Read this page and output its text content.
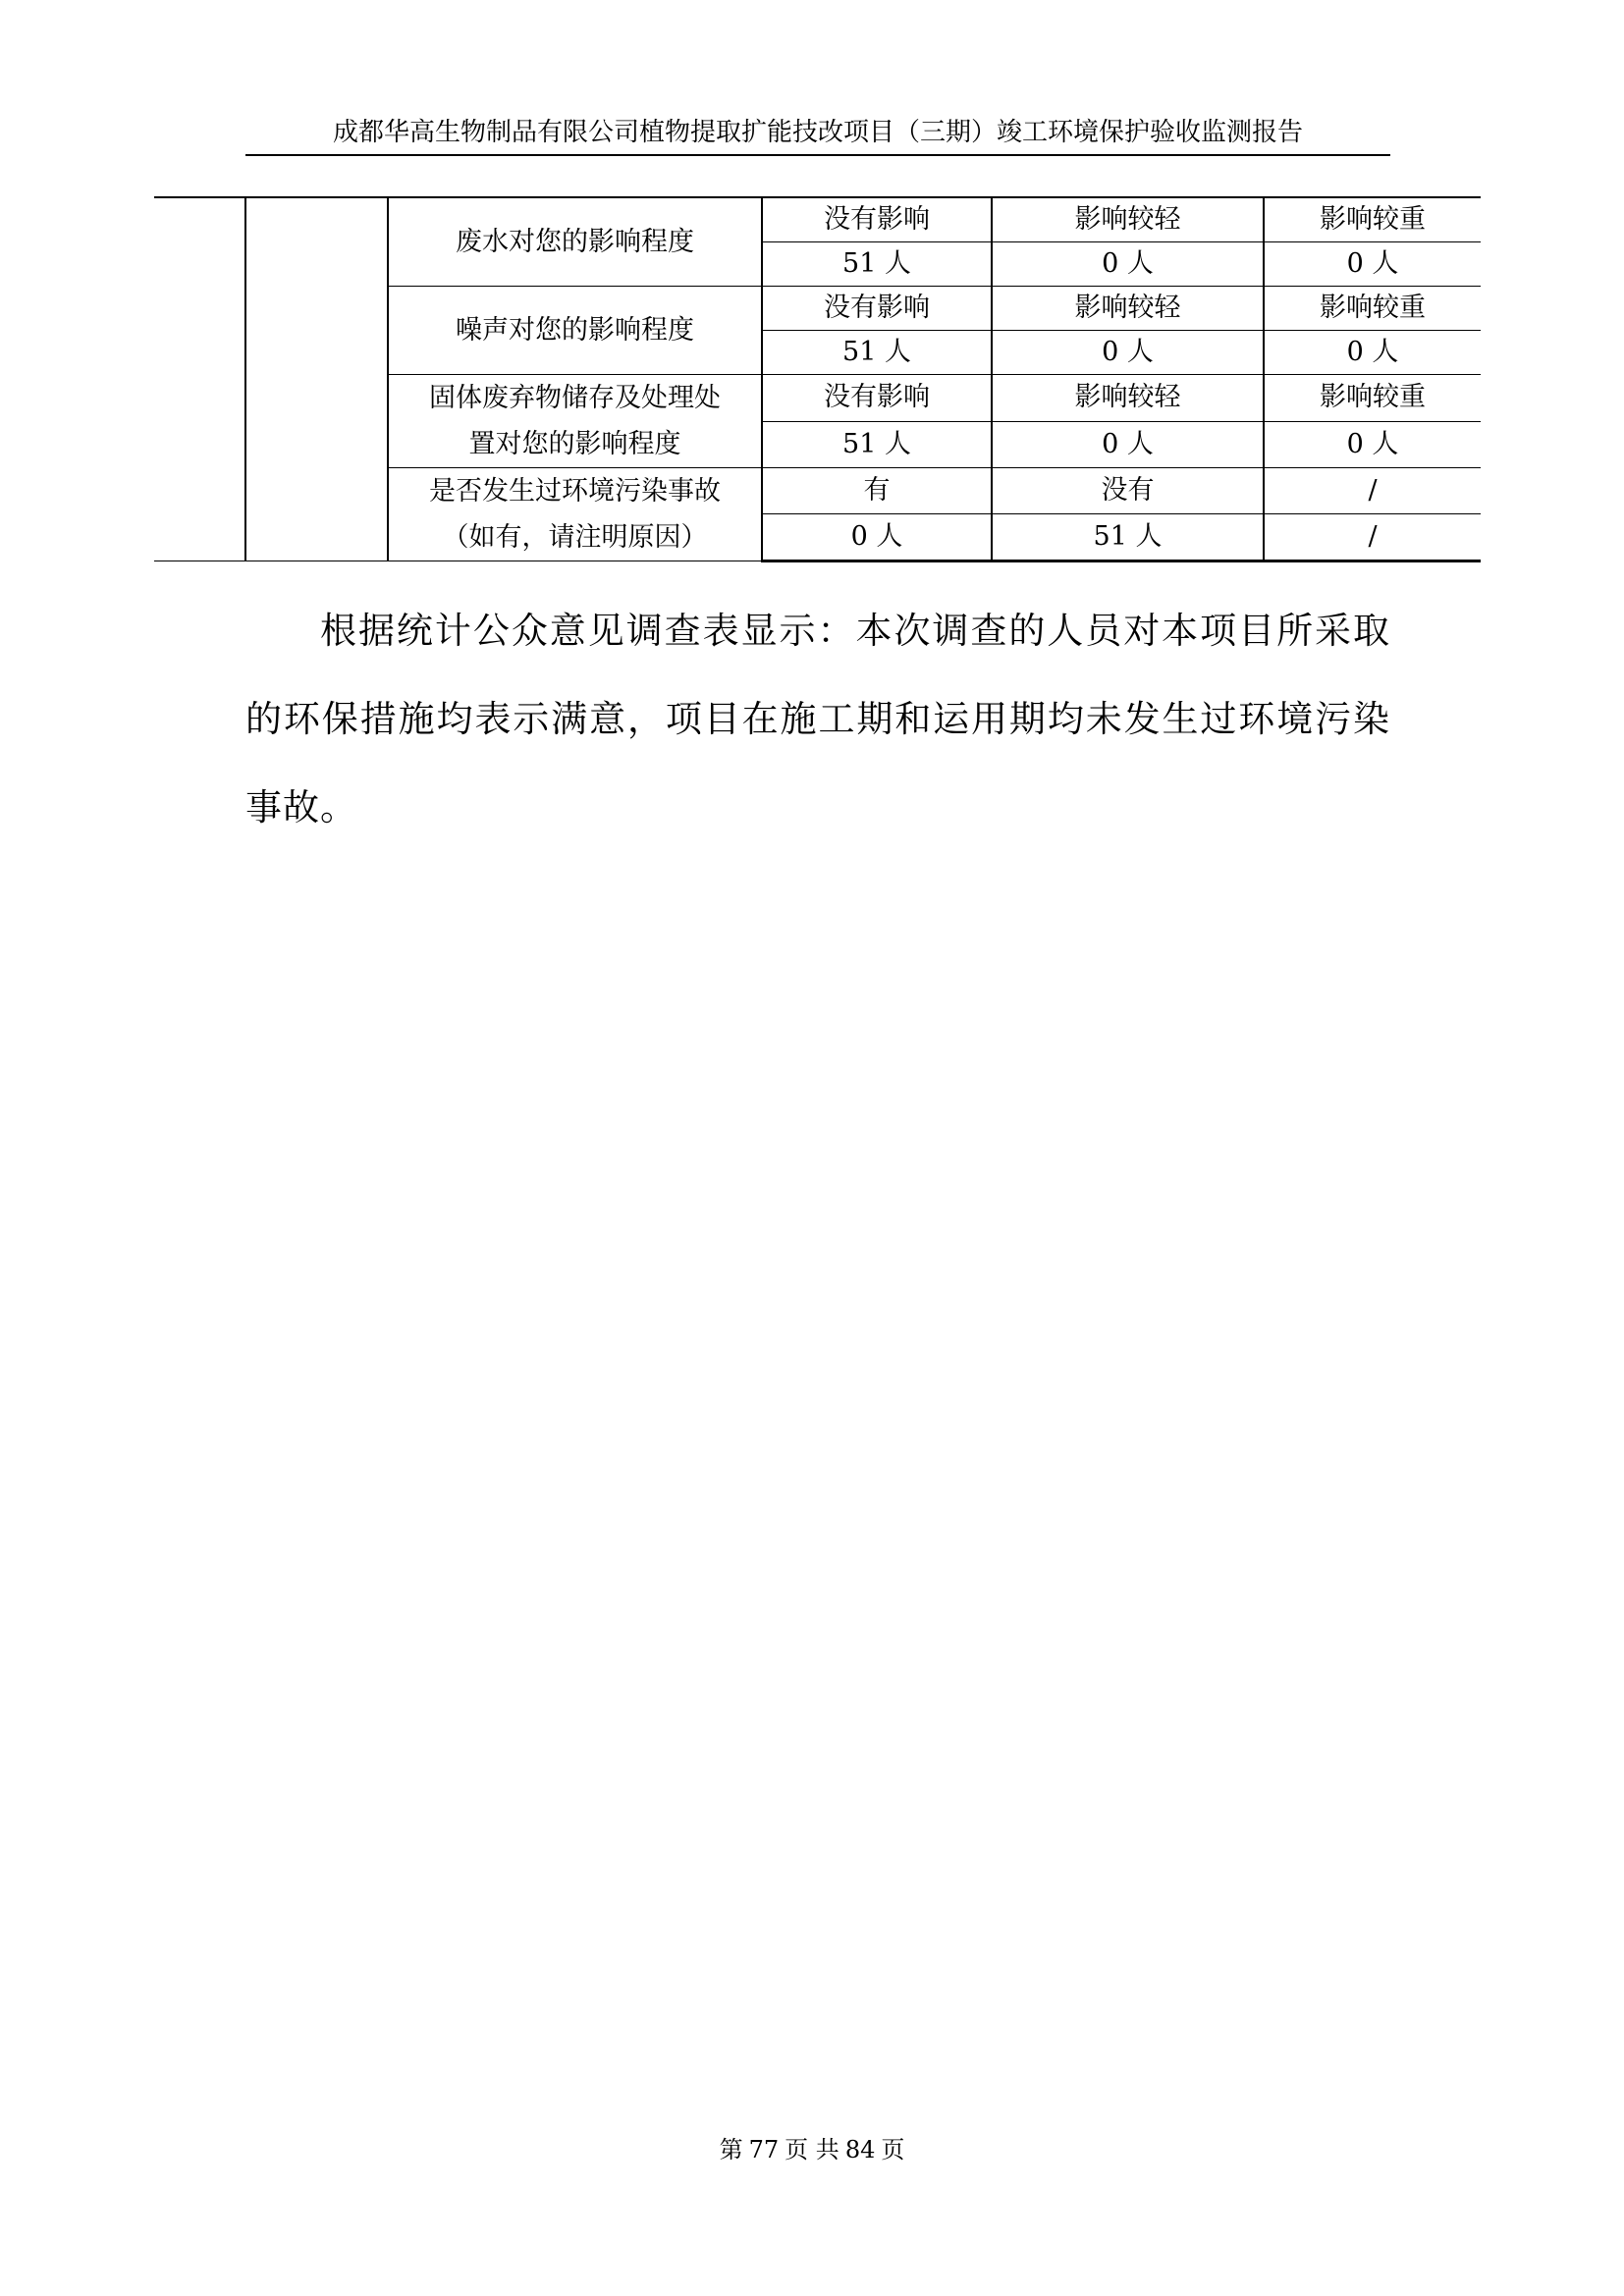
成都华高生物制品有限公司植物提取扩能技改项目（三期）竣工环境保护验收监测报告
		废水对您的影响程度	没有影响	影响较轻	影响较重
			51 人	0 人	0 人
		噪声对您的影响程度	没有影响	影响较轻	影响较重
			51 人	0 人	0 人
		固体废弃物储存及处理处
置对您的影响程度	没有影响	影响较轻	影响较重
			51 人	0 人	0 人
		是否发生过环境污染事故
（如有，请注明原因）	有	没有	/
			0 人	51 人	/
根据统计公众意见调查表显示：本次调查的人员对本项目所采取的环保措施均表示满意，项目在施工期和运用期均未发生过环境污染事故。
第 77 页 共 84 页
